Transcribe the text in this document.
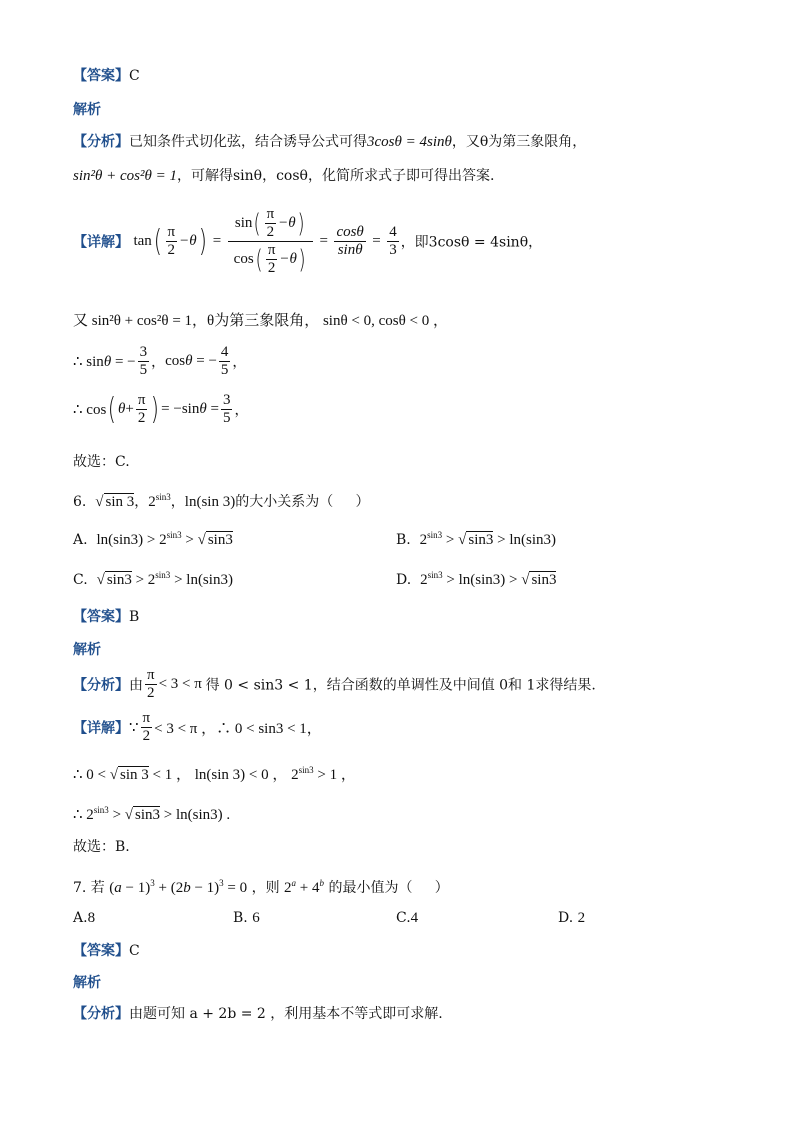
【答案】C
解析
【分析】已知条件式切化弦，结合诱导公式可得3cosθ = 4sinθ，又θ为第三象限角，
sin²θ + cos²θ = 1，可解得sinθ，cosθ，化简所求式子即可得出答案.
【详解】 $\tan( \frac{\pi}{2} -\theta) = \frac{\sin( \frac{\pi}{2} -\theta)}{\cos( \frac{\pi}{2} -\theta)} = \frac{\cos\theta}{\sin\theta} = \frac{4}{3}$ ，即3cosθ = 4sinθ，
又 sin²θ + cos²θ = 1，θ为第三象限角， sinθ < 0, cosθ < 0 ，
∴ sinθ = − $\frac{3}{5}$ ，cosθ = − $\frac{4}{5}$ ，
∴ cos( $\theta+ \frac{\pi}{2}$ ) = $-\sin\theta = \frac{3}{5}$ ，
故选：C.
6.  √ sin 3，$2^{sin3}$，ln(sin 3)的大小关系为（     ）
A. $\ln(\sin 3) > 2^{sin3}$ > √ sin3	B. $2^{sin3}$ > √ sin3 > ln(sin3)
C. √ $\sin 3 > 2^{sin3} > \ln(\sin 3)$	D. $2^{sin3} > \ln(\sin 3)$ > √ sin3
【答案】B
解析
【分析】由 $\frac{\pi}{2} < 3 < \pi$ 得 0 < sin3 < 1，结合函数的单调性及中间值 0和 1求得结果.
【详解】∵ $\frac{\pi}{2} < 3 < \pi$ ，∴ 0 < sin3 < 1，
∴ 0 < √ sin 3 < 1 ， ln(sin 3) < 0 ， $2^{sin3} > 1$ ，
∴ $2^{sin3}$ > √ sin3 > ln(sin3) .
故选：B.
7. 若 $(a - 1)^3 + (2b - 1)^3 = 0$ ，则 $2^a + 4^b$ 的最小值为（     ）
A.8	B. 6	C.4	D. 2
【答案】C
解析
【分析】由题可知 a + 2b = 2 ，利用基本不等式即可求解.
